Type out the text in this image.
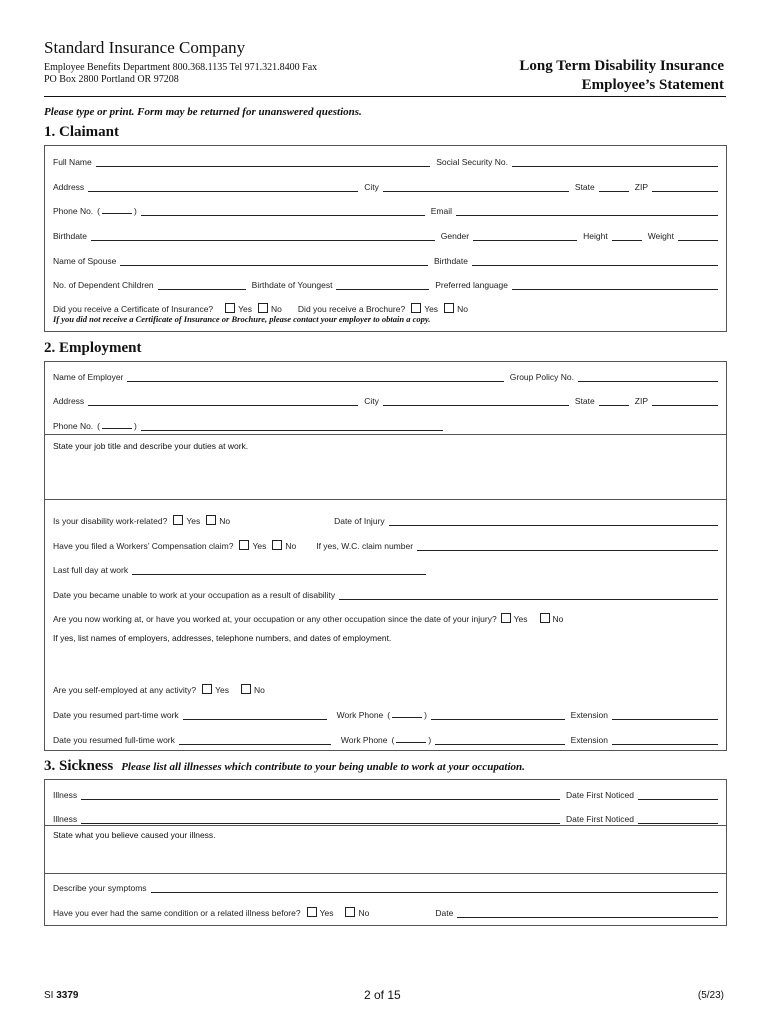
Standard Insurance Company
Employee Benefits Department 800.368.1135 Tel 971.321.8400 Fax
PO Box 2800 Portland OR 97208
Long Term Disability Insurance
Employee’s Statement
Please type or print. Form may be returned for unanswered questions.
1. Claimant
Full Name	Social Security No.
Address	City	State	ZIP
Phone No. (	)	Email
Birthdate	Gender	Height	Weight
Name of Spouse	Birthdate
No. of Dependent Children	Birthdate of Youngest	Preferred language
Did you receive a Certificate of Insurance?	Yes No Did you receive a Brochure? Yes No
If you did not receive a Certificate of Insurance or Brochure, please contact your employer to obtain a copy.
2. Employment
Name of Employer	Group Policy No.
Address	City	State	ZIP
Phone No. (	)
State your job title and describe your duties at work.
Is your disability work-related? Yes No	Date of Injury
Have you filed a Workers’ Compensation claim? Yes No If yes, W.C. claim number
Last full day at work
Date you became unable to work at your occupation as a result of disability
Are you now working at, or have you worked at, your occupation or any other occupation since the date of your injury? Yes	No
If yes, list names of employers, addresses, telephone numbers, and dates of employment.
Are you self-employed at any activity? Yes	No
Date you resumed part-time work	Work Phone (	)	Extension
Date you resumed full-time work	Work Phone (	)	Extension
3. Sickness Please list all illnesses which contribute to your being unable to work at your occupation.
Illness	Date First Noticed
Illness	Date First Noticed
State what you believe caused your illness.
Describe your symptoms
Have you ever had the same condition or a related illness before? Yes	No	Date
SI 3379	2 of 15	(5/23)
